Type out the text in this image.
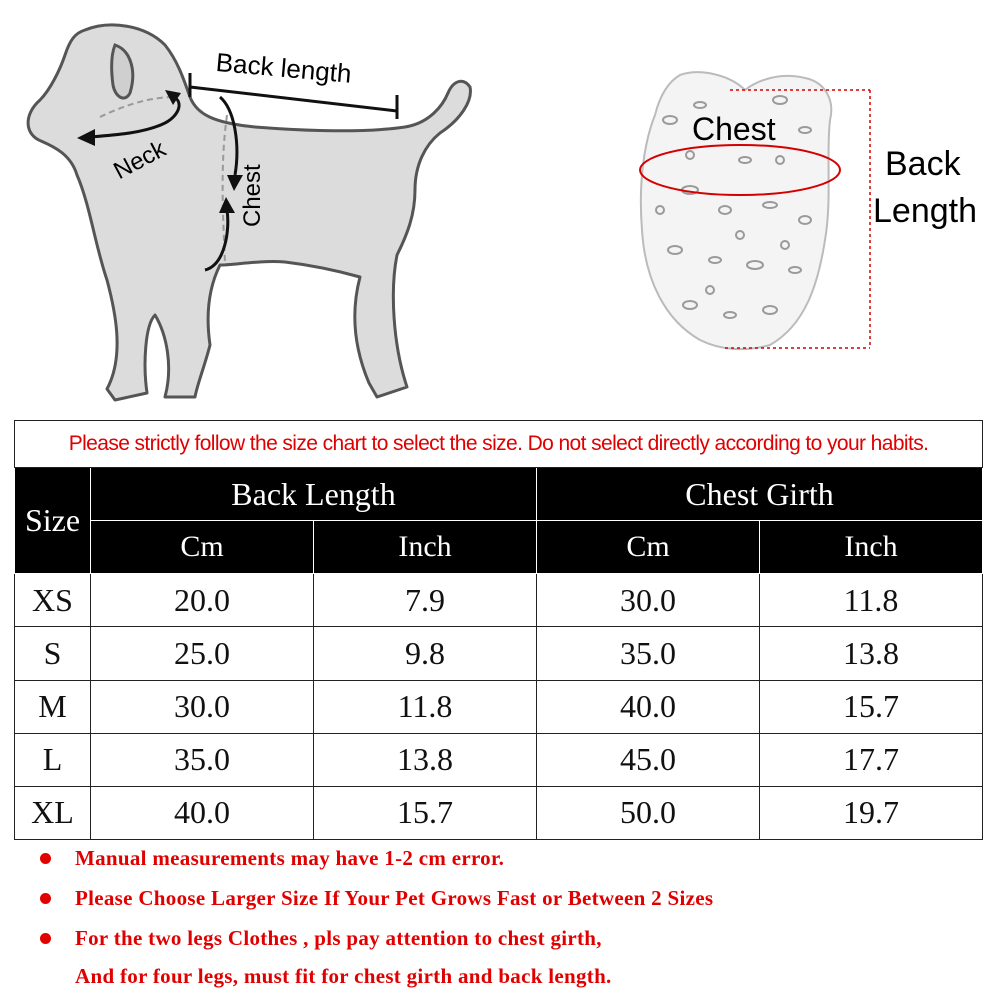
Back length
Neck
Chest
Chest
Back
Length
Please strictly follow the size chart to select the size. Do not select directly according to your habits.				
Size	Back Length		Chest Girth	
	Cm	Inch	Cm	Inch
XS	20.0	7.9	30.0	11.8
S	25.0	9.8	35.0	13.8
M	30.0	11.8	40.0	15.7
L	35.0	13.8	45.0	17.7
XL	40.0	15.7	50.0	19.7
Manual measurements may have 1-2 cm error.
Please Choose Larger Size If Your Pet Grows Fast or Between 2 Sizes
For the two legs Clothes , pls pay attention to chest girth,
And for four legs, must fit for chest girth and back length.
